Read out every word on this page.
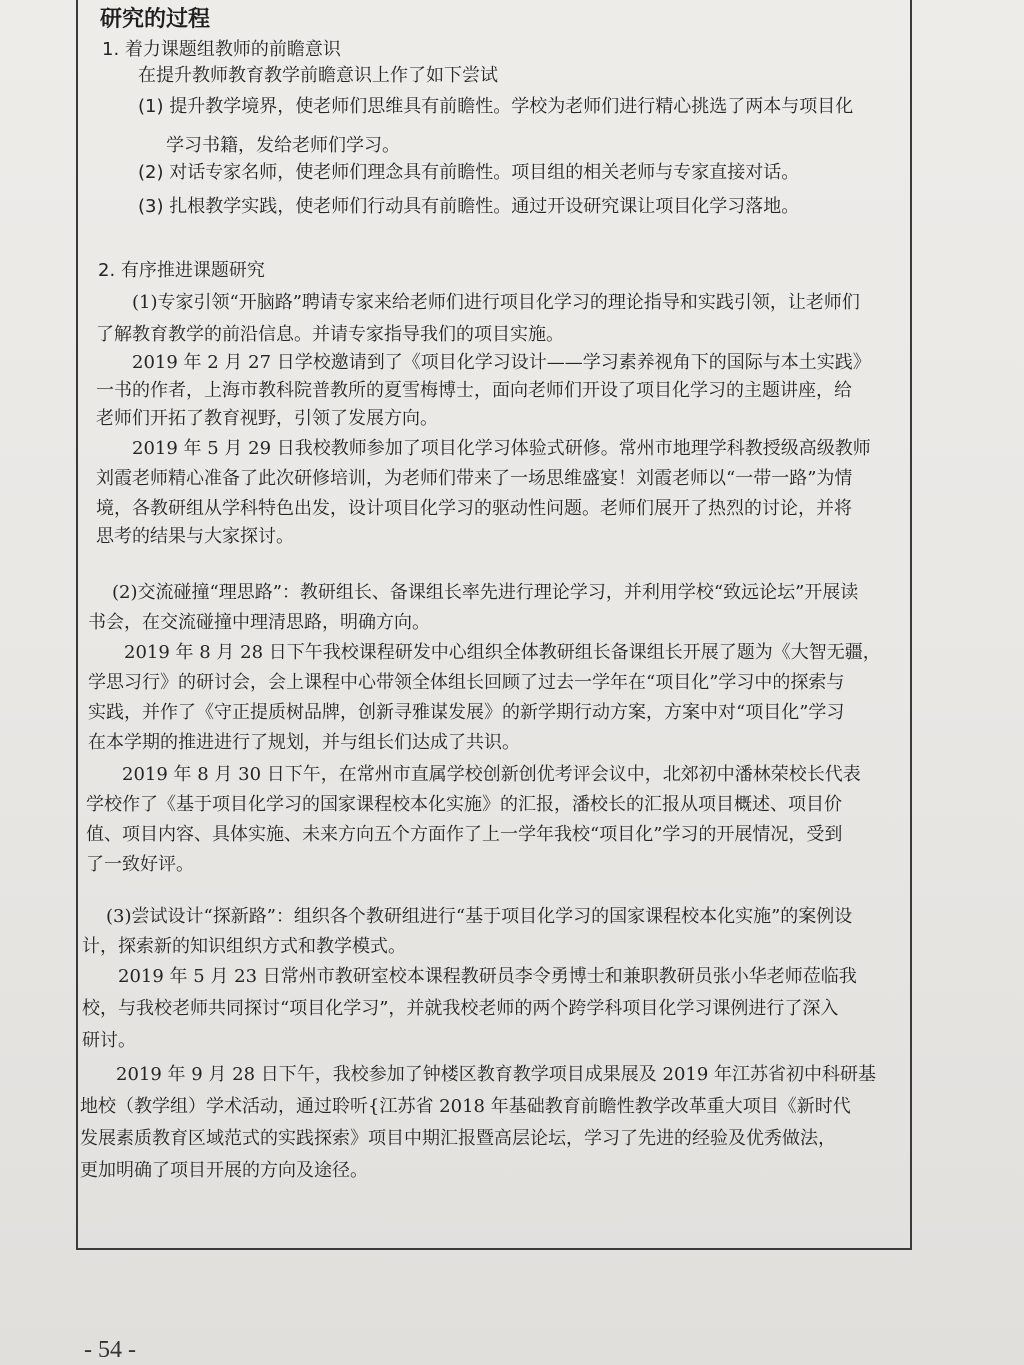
研究的过程
1. 着力课题组教师的前瞻意识
在提升教师教育教学前瞻意识上作了如下尝试
(1) 提升教学境界，使老师们思维具有前瞻性。学校为老师们进行精心挑选了两本与项目化
学习书籍，发给老师们学习。
(2) 对话专家名师，使老师们理念具有前瞻性。项目组的相关老师与专家直接对话。
(3) 扎根教学实践，使老师们行动具有前瞻性。通过开设研究课让项目化学习落地。
2. 有序推进课题研究
(1)专家引领“开脑路”聘请专家来给老师们进行项目化学习的理论指导和实践引领，让老师们
了解教育教学的前沿信息。并请专家指导我们的项目实施。
2019 年 2 月 27 日学校邀请到了《项目化学习设计——学习素养视角下的国际与本土实践》
一书的作者，上海市教科院普教所的夏雪梅博士，面向老师们开设了项目化学习的主题讲座，给
老师们开拓了教育视野，引领了发展方向。
2019 年 5 月 29 日我校教师参加了项目化学习体验式研修。常州市地理学科教授级高级教师
刘霞老师精心准备了此次研修培训，为老师们带来了一场思维盛宴！刘霞老师以“一带一路”为情
境，各教研组从学科特色出发，设计项目化学习的驱动性问题。老师们展开了热烈的讨论，并将
思考的结果与大家探讨。
(2)交流碰撞“理思路”：教研组长、备课组长率先进行理论学习，并利用学校“致远论坛”开展读
书会，在交流碰撞中理清思路，明确方向。
2019 年 8 月 28 日下午我校课程研发中心组织全体教研组长备课组长开展了题为《大智无疆，
学思习行》的研讨会，会上课程中心带领全体组长回顾了过去一学年在“项目化”学习中的探索与
实践，并作了《守正提质树品牌，创新寻雅谋发展》的新学期行动方案，方案中对“项目化”学习
在本学期的推进进行了规划，并与组长们达成了共识。
2019 年 8 月 30 日下午，在常州市直属学校创新创优考评会议中，北郊初中潘林荣校长代表
学校作了《基于项目化学习的国家课程校本化实施》的汇报，潘校长的汇报从项目概述、项目价
值、项目内容、具体实施、未来方向五个方面作了上一学年我校“项目化”学习的开展情况，受到
了一致好评。
(3)尝试设计“探新路”：组织各个教研组进行“基于项目化学习的国家课程校本化实施”的案例设
计，探索新的知识组织方式和教学模式。
2019 年 5 月 23 日常州市教研室校本课程教研员李令勇博士和兼职教研员张小华老师莅临我
校，与我校老师共同探讨“项目化学习”，并就我校老师的两个跨学科项目化学习课例进行了深入
研讨。
2019 年 9 月 28 日下午，我校参加了钟楼区教育教学项目成果展及 2019 年江苏省初中科研基
地校（教学组）学术活动，通过聆听{江苏省 2018 年基础教育前瞻性教学改革重大项目《新时代
发展素质教育区域范式的实践探索》项目中期汇报暨高层论坛，学习了先进的经验及优秀做法，
更加明确了项目开展的方向及途径。
- 54 -
